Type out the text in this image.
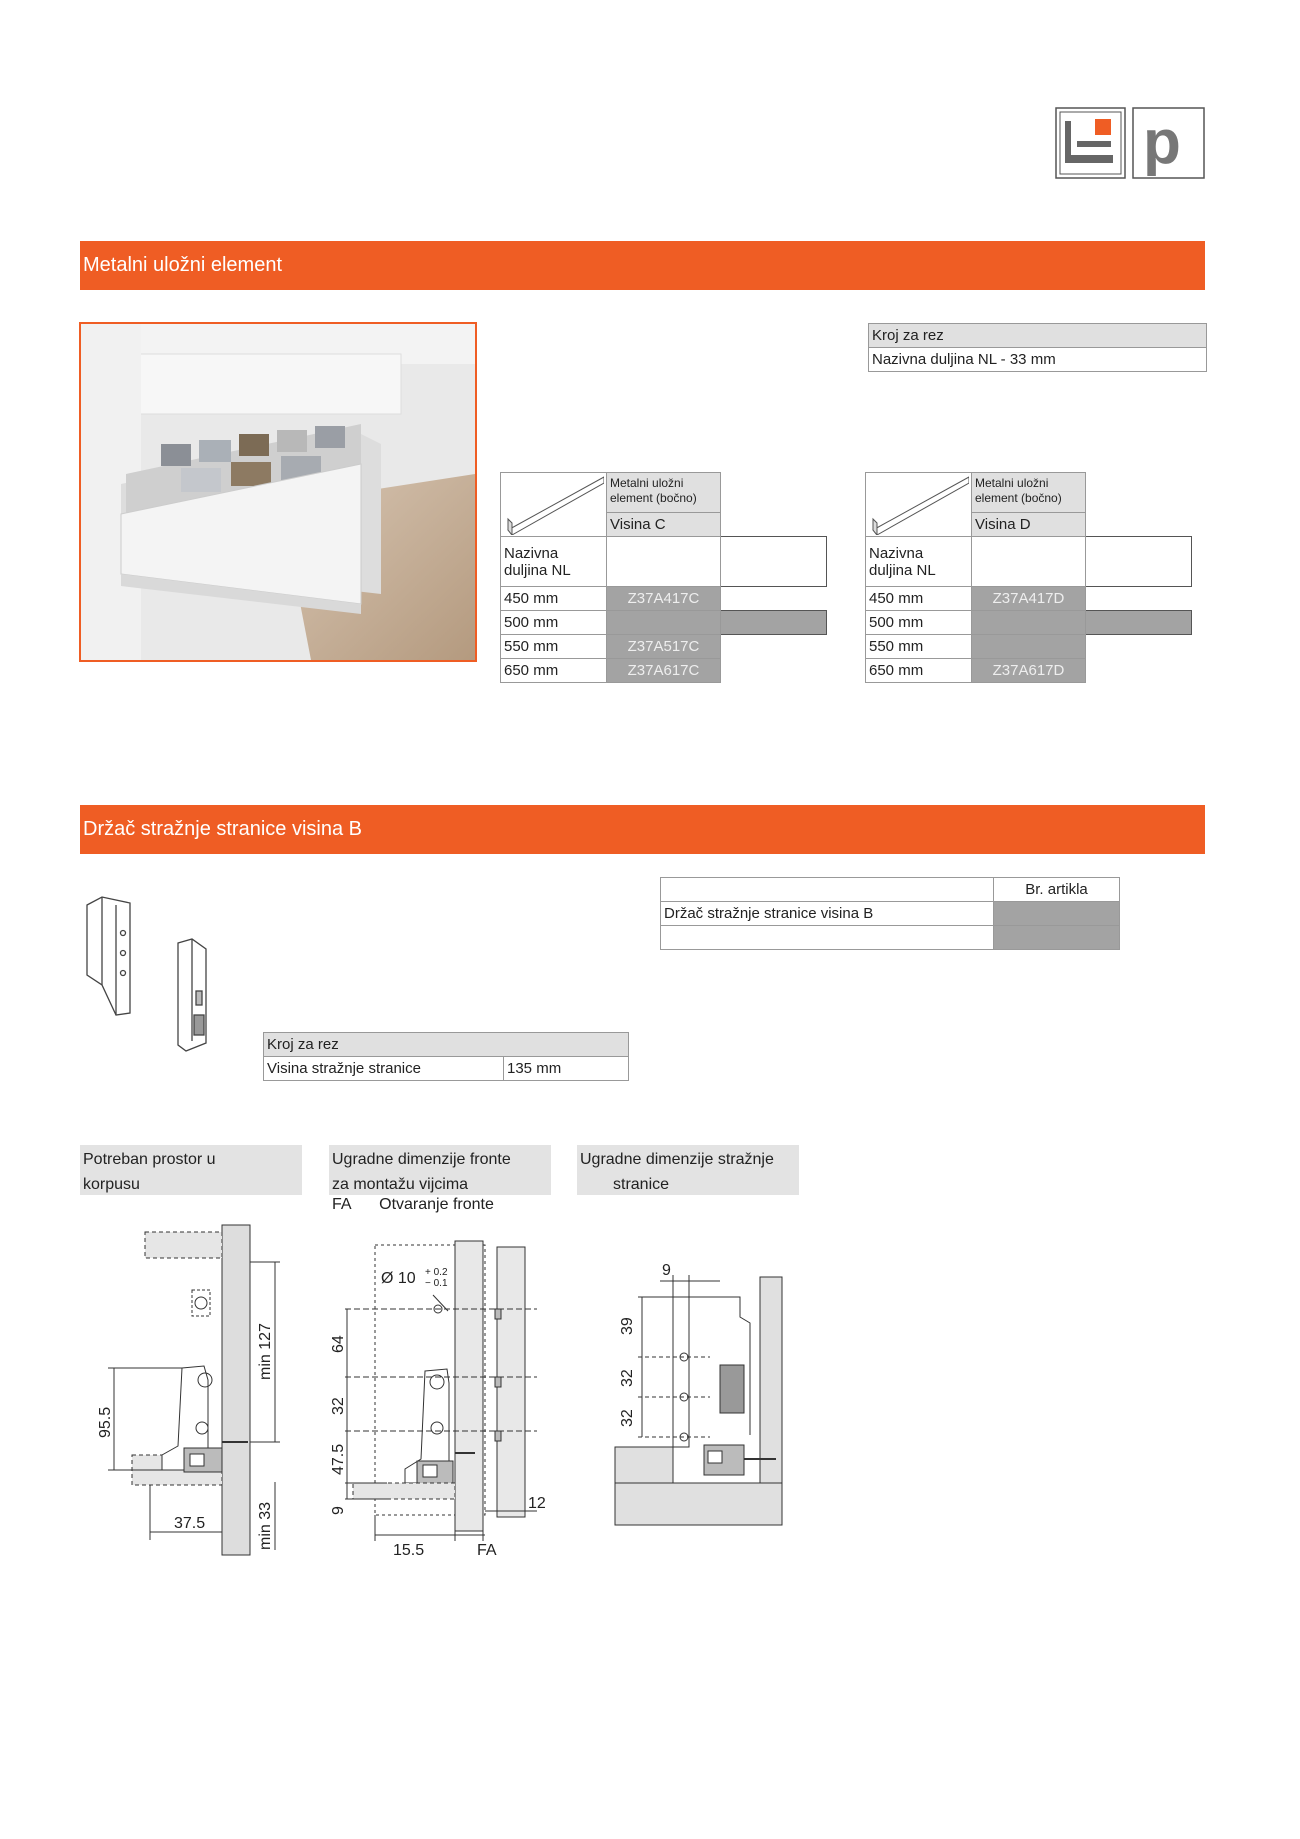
p
Metalni uložni element
Kroj za rez
Nazivna duljina NL - 33 mm

Metalni uložni
element (bočno)	

	Visina C	

Nazivna
duljina NL		

450 mm	Z37A417C	
500 mm		
550 mm	Z37A517C	
650 mm	Z37A617C	

Metalni uložni
element (bočno)	

	Visina D	

Nazivna
duljina NL		

450 mm	Z37A417D	
500 mm		
550 mm		
650 mm	Z37A617D	
Držač stražnje stranice visina B
	Br. artikla
Držač stražnje stranice visina B	

Kroj za rez
Visina stražnje stranice	135 mm
Potreban prostor u
korpusu
Ugradne dimenzije fronte
za montažu vijcima
FA Otvaranje fronte
Ugradne dimenzije stražnje
stranice
min 127
95.5
37.5	min 33
Ø 10 + 0.2
− 0.1
64
32
47.5
9
15.5	FA
12
9
39
32
32
